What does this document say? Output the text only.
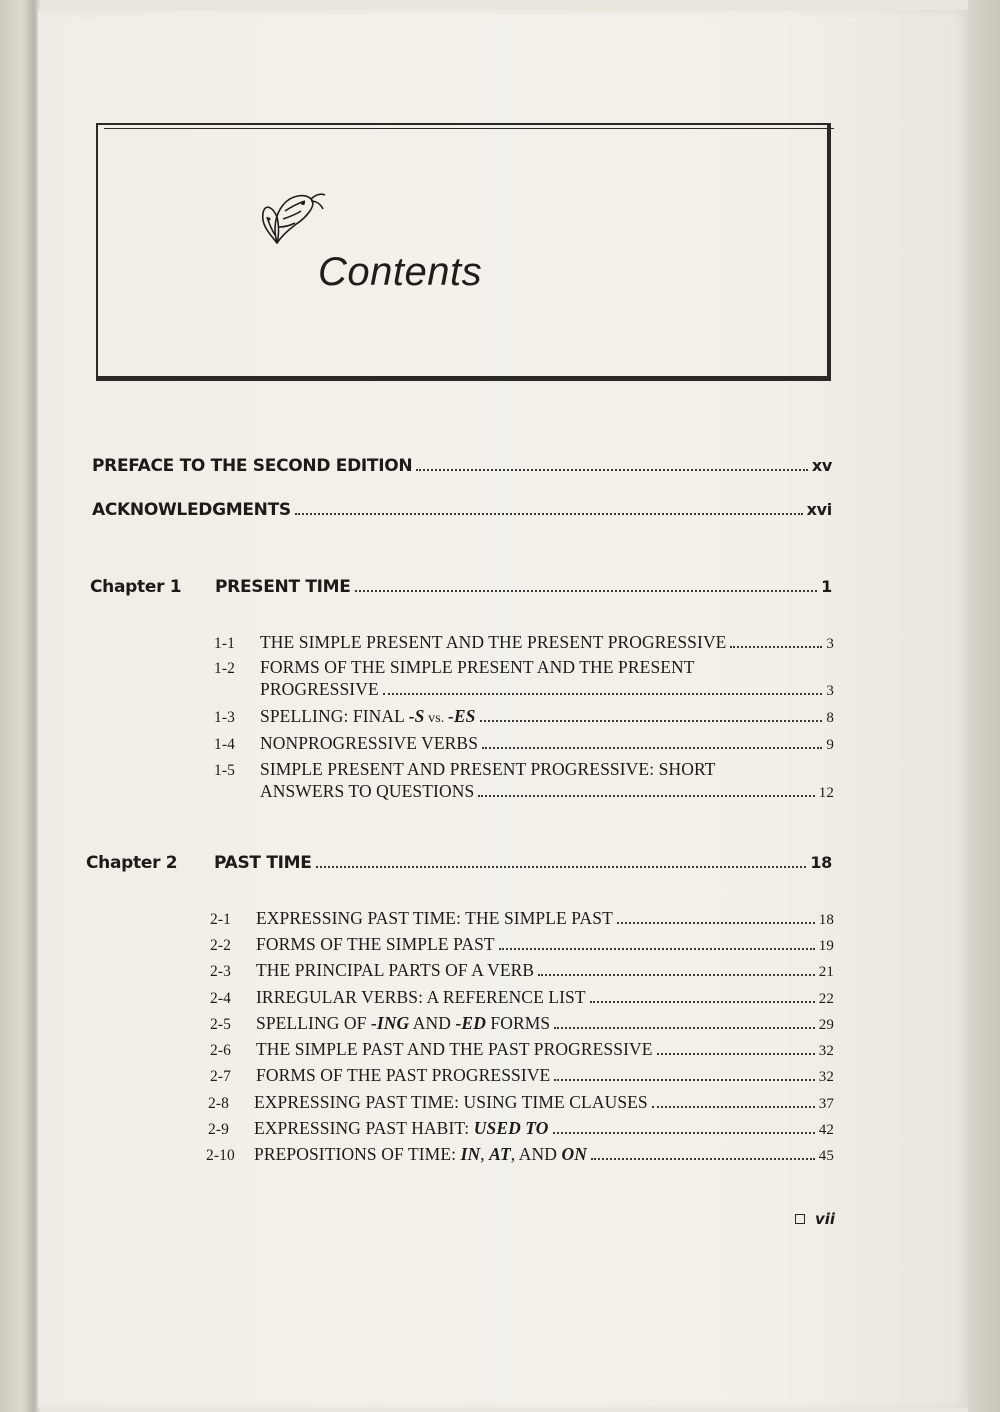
Contents
PREFACE TO THE SECOND EDITION	xv
ACKNOWLEDGMENTS	xvi
Chapter 1	PRESENT TIME	1
1-1	THE SIMPLE PRESENT AND THE PRESENT PROGRESSIVE	3
1-2	FORMS OF THE SIMPLE PRESENT AND THE PRESENT
PROGRESSIVE	3
1-3	SPELLING: FINAL -S vs. -ES	8
1-4	NONPROGRESSIVE VERBS	9
1-5	SIMPLE PRESENT AND PRESENT PROGRESSIVE: SHORT
ANSWERS TO QUESTIONS	12
Chapter 2	PAST TIME	18
2-1	EXPRESSING PAST TIME: THE SIMPLE PAST	18
2-2	FORMS OF THE SIMPLE PAST	19
2-3	THE PRINCIPAL PARTS OF A VERB	21
2-4	IRREGULAR VERBS: A REFERENCE LIST	22
2-5	SPELLING OF -ING AND -ED FORMS	29
2-6	THE SIMPLE PAST AND THE PAST PROGRESSIVE	32
2-7	FORMS OF THE PAST PROGRESSIVE	32
2-8	EXPRESSING PAST TIME: USING TIME CLAUSES	37
2-9	EXPRESSING PAST HABIT: USED TO	42
2-10	PREPOSITIONS OF TIME: IN, AT, AND ON	45
vii
